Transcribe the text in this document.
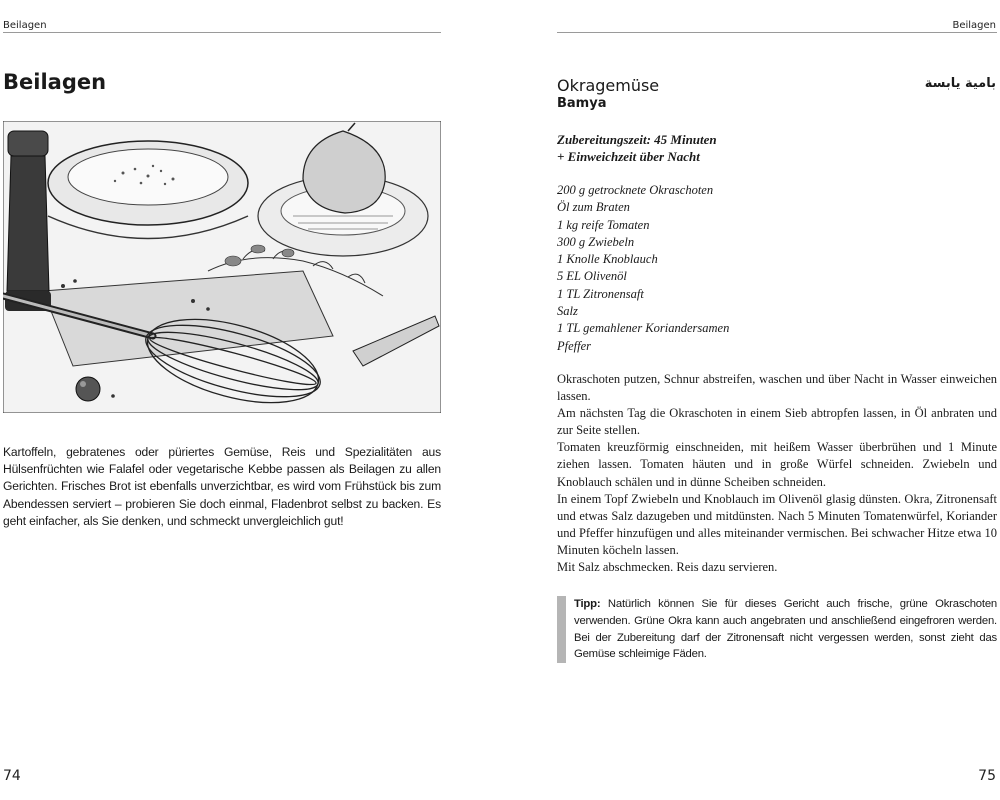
Beilagen
Beilagen

Kartoffeln, gebratenes oder püriertes Gemüse, Reis und Spezialitäten aus Hülsenfrüchten wie Falafel oder vegetarische Kebbe passen als Beilagen zu allen Gerichten. Frisches Brot ist ebenfalls unverzichtbar, es wird vom Frühstück bis zum Abendessen serviert – probieren Sie doch einmal, Fladenbrot selbst zu backen. Es geht einfacher, als Sie denken, und schmeckt unvergleichlich gut!

74
Beilagen
Okragemüse
Bamya
بامية يابسة
Zubereitungszeit: 45 Minuten
+ Einweichzeit über Nacht
200 g getrocknete Okraschoten
Öl zum Braten
1 kg reife Tomaten
300 g Zwiebeln
1 Knolle Knoblauch
5 EL Olivenöl
1 TL Zitronensaft
Salz
1 TL gemahlener Koriandersamen
Pfeffer

Okraschoten putzen, Schnur abstreifen, waschen und über Nacht in Wasser einweichen lassen.

Am nächsten Tag die Okraschoten in einem Sieb abtropfen lassen, in Öl anbraten und zur Seite stellen.

Tomaten kreuzförmig einschneiden, mit heißem Wasser überbrühen und 1 Minute ziehen lassen. Tomaten häuten und in große Würfel schneiden. Zwiebeln und Knoblauch schälen und in dünne Scheiben schneiden.

In einem Topf Zwiebeln und Knoblauch im Olivenöl glasig dünsten. Okra, Zitronensaft und etwas Salz dazugeben und mitdünsten. Nach 5 Minuten Tomatenwürfel, Koriander und Pfeffer hinzufügen und alles miteinander vermischen. Bei schwacher Hitze etwa 10 Minuten köcheln lassen.

Mit Salz abschmecken. Reis dazu servieren.

Tipp: Natürlich können Sie für dieses Gericht auch frische, grüne Okraschoten verwenden. Grüne Okra kann auch angebraten und anschließend eingefroren werden. Bei der Zubereitung darf der Zitronensaft nicht vergessen werden, sonst zieht das Gemüse schleimige Fäden.
75
